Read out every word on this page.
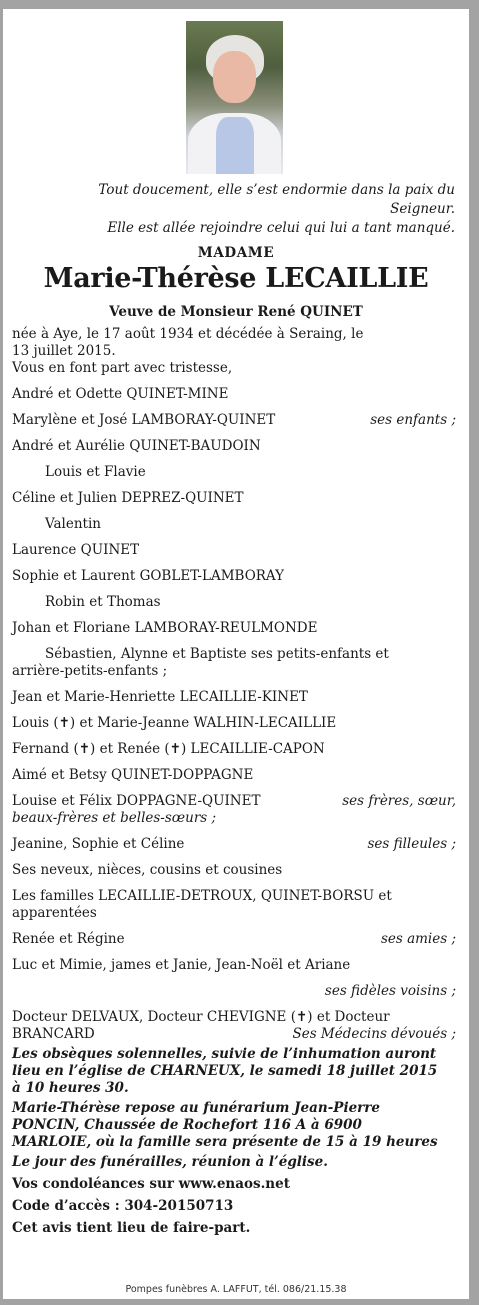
Tout doucement, elle s’est endormie dans la paix du

Seigneur.

Elle est allée rejoindre celui qui lui a tant manqué.

MADAME
Marie-Thérèse LECAILLIE
Veuve de Monsieur René QUINET

née à Aye, le 17 août 1934 et décédée à Seraing, le

13 juillet 2015.

Vous en font part avec tristesse,

André et Odette QUINET-MINE

Marylène et José LAMBORAY-QUINET	ses enfants ;

André et Aurélie QUINET-BAUDOIN

Louis et Flavie

Céline et Julien DEPREZ-QUINET

Valentin

Laurence QUINET

Sophie et Laurent GOBLET-LAMBORAY

Robin et Thomas

Johan et Floriane LAMBORAY-REULMONDE

Sébastien, Alynne et Baptiste ses petits-enfants et

arrière-petits-enfants ;

Jean et Marie-Henriette LECAILLIE-KINET

Louis (✝) et Marie-Jeanne WALHIN-LECAILLIE

Fernand (✝) et Renée (✝) LECAILLIE-CAPON

Aimé et Betsy QUINET-DOPPAGNE

Louise et Félix DOPPAGNE-QUINET	ses frères, sœur,

beaux-frères et belles-sœurs ;

Jeanine, Sophie et Céline	ses filleules ;

Ses neveux, nièces, cousins et cousines

Les familles LECAILLIE-DETROUX, QUINET-BORSU et

apparentées

Renée et Régine	ses amies ;

Luc et Mimie, james et Janie, Jean-Noël et Ariane

ses fidèles voisins ;

Docteur DELVAUX, Docteur CHEVIGNE (✝) et Docteur

BRANCARD	Ses Médecins dévoués ;

Les obsèques solennelles, suivie de l’inhumation auront

lieu en l’église de CHARNEUX, le samedi 18 juillet 2015

à 10 heures 30.

Marie-Thérèse repose au funérarium Jean-Pierre

PONCIN, Chaussée de Rochefort 116 A à 6900

MARLOIE, où la famille sera présente de 15 à 19 heures

Le jour des funérailles, réunion à l’église.

Vos condoléances sur www.enaos.net

Code d’accès : 304-20150713

Cet avis tient lieu de faire-part.

Pompes funèbres A. LAFFUT, tél. 086/21.15.38
